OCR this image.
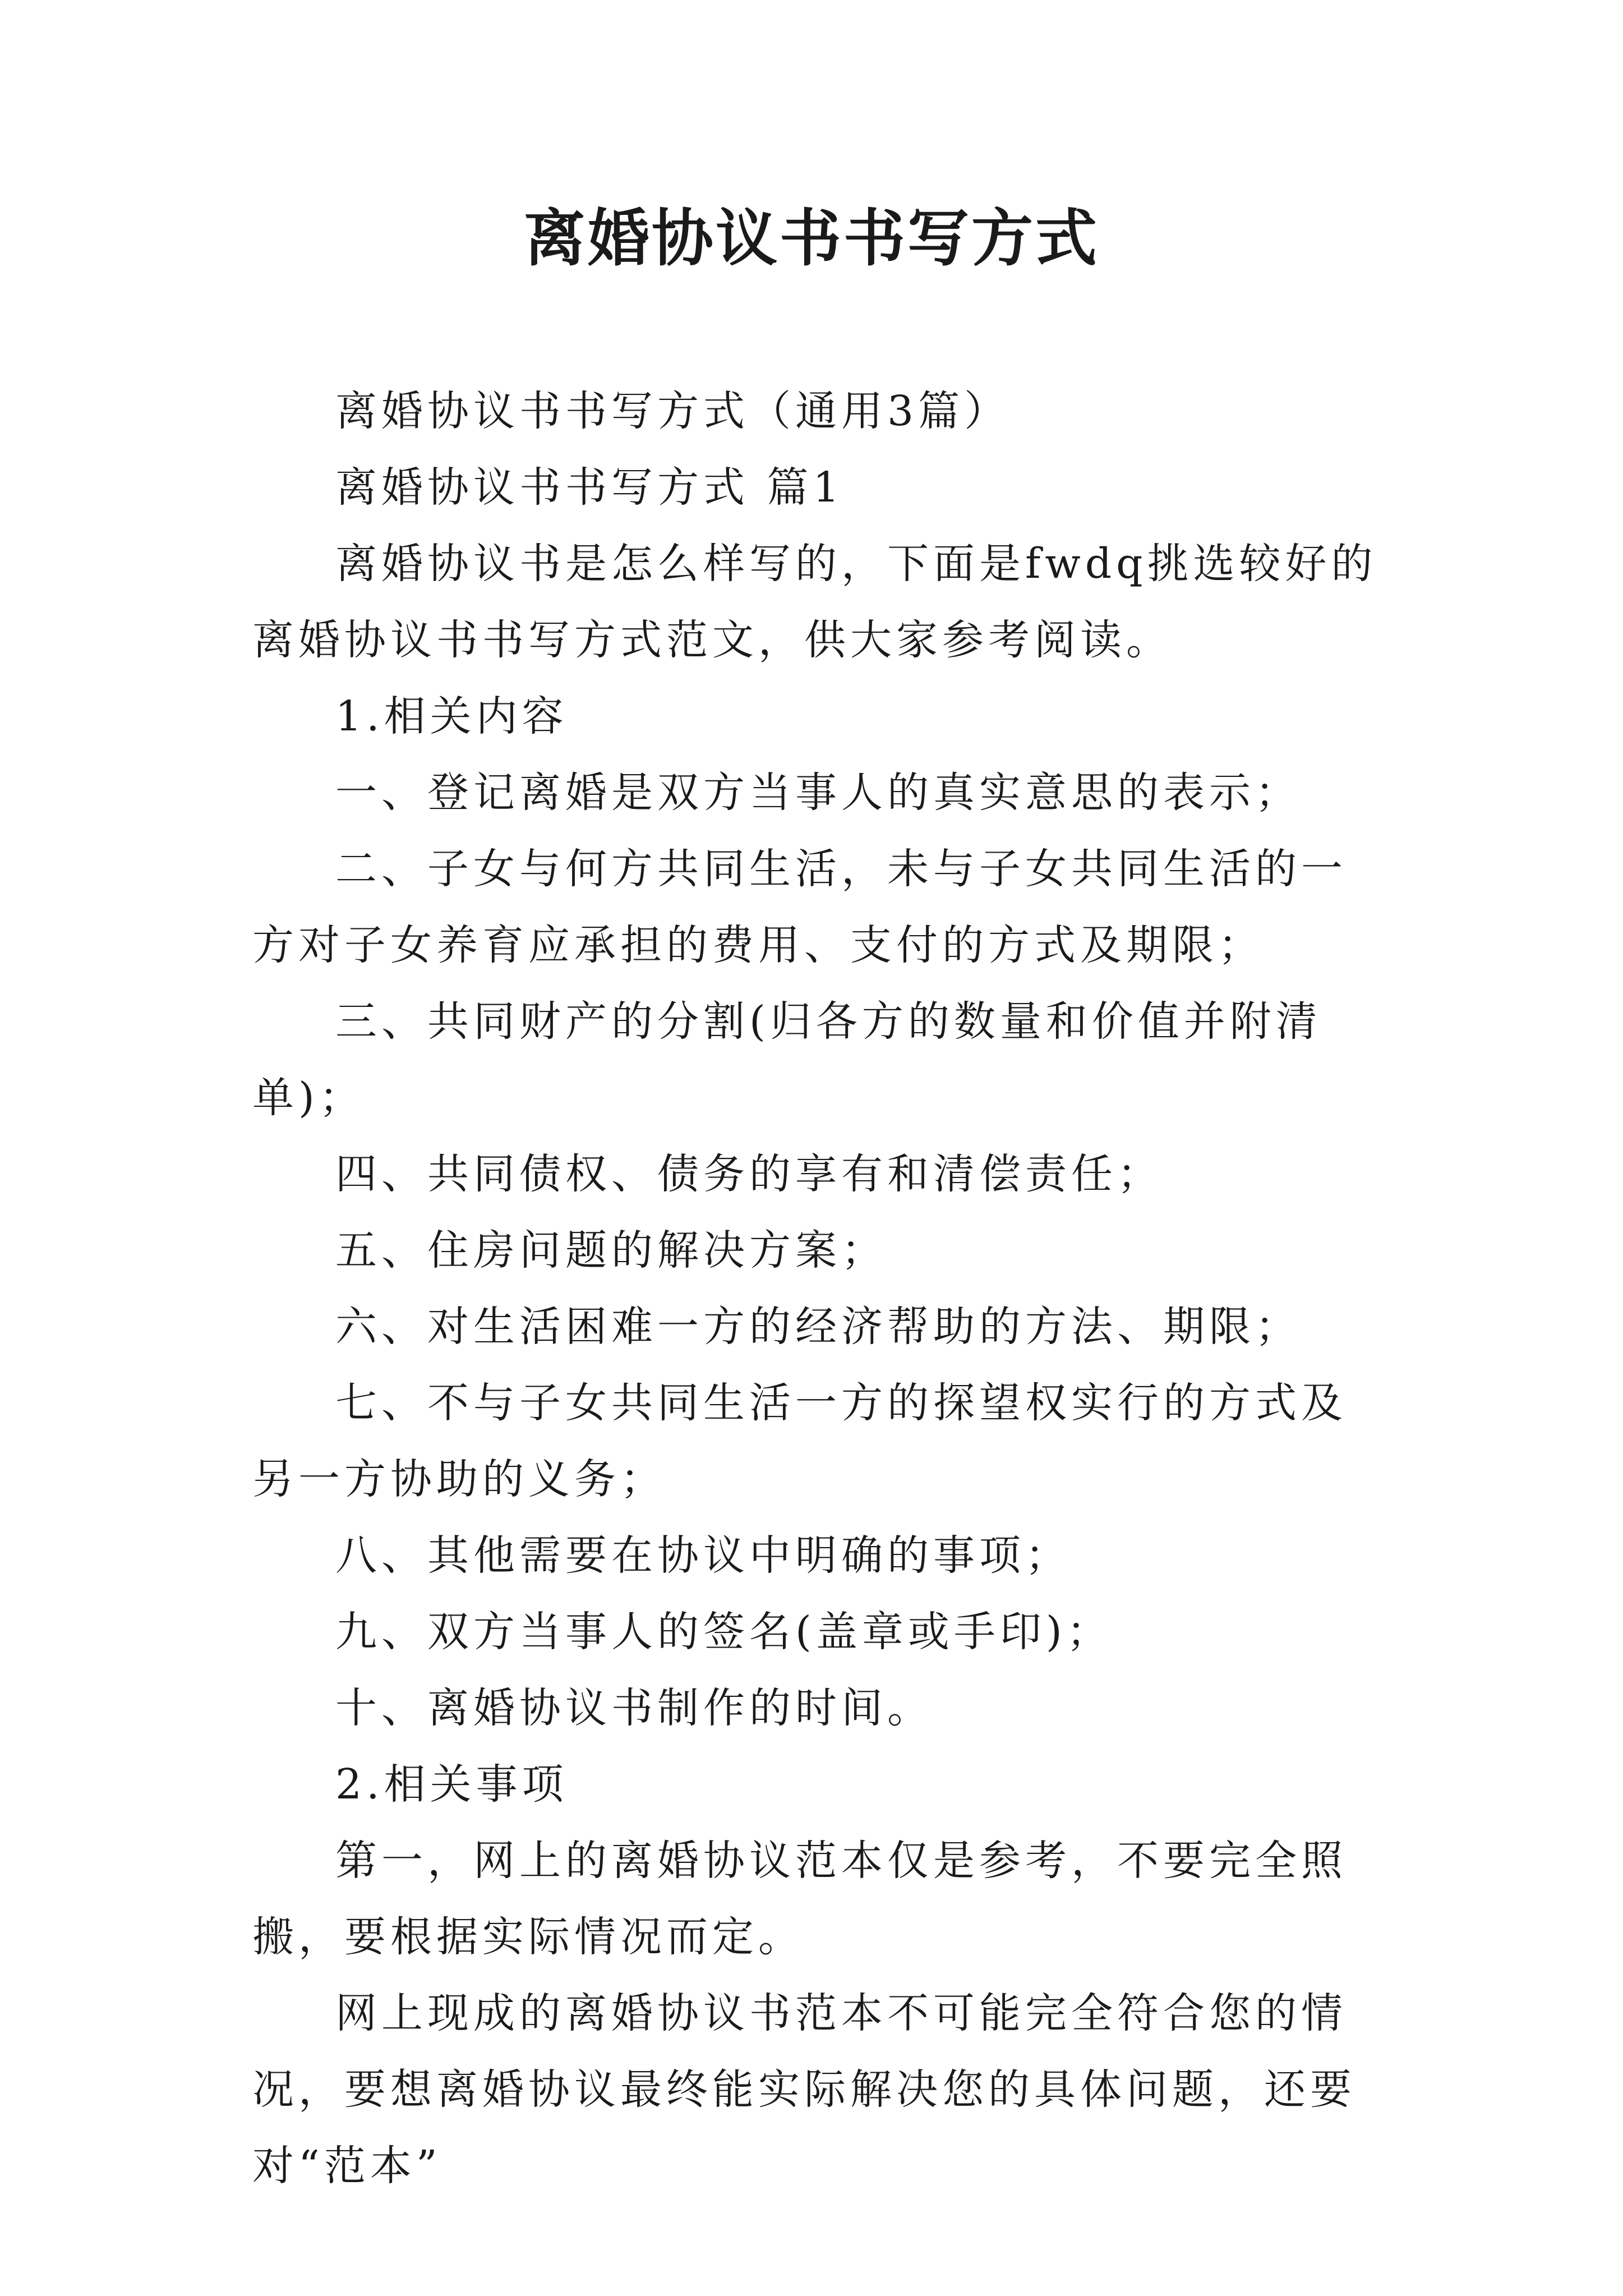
离婚协议书书写方式

离婚协议书书写方式（通用3篇）

离婚协议书书写方式 篇1

离婚协议书是怎么样写的，下面是fwdq挑选较好的离婚协议书书写方式范文，供大家参考阅读。

1.相关内容

一、登记离婚是双方当事人的真实意思的表示；

二、子女与何方共同生活，未与子女共同生活的一方对子女养育应承担的费用、支付的方式及期限；

三、共同财产的分割(归各方的数量和价值并附清单)；

四、共同债权、债务的享有和清偿责任；

五、住房问题的解决方案；

六、对生活困难一方的经济帮助的方法、期限；

七、不与子女共同生活一方的探望权实行的方式及另一方协助的义务；

八、其他需要在协议中明确的事项；

九、双方当事人的签名(盖章或手印)；

十、离婚协议书制作的时间。

2.相关事项

第一，网上的离婚协议范本仅是参考，不要完全照搬，要根据实际情况而定。

网上现成的离婚协议书范本不可能完全符合您的情况，要想离婚协议最终能实际解决您的具体问题，还要对“范本”
